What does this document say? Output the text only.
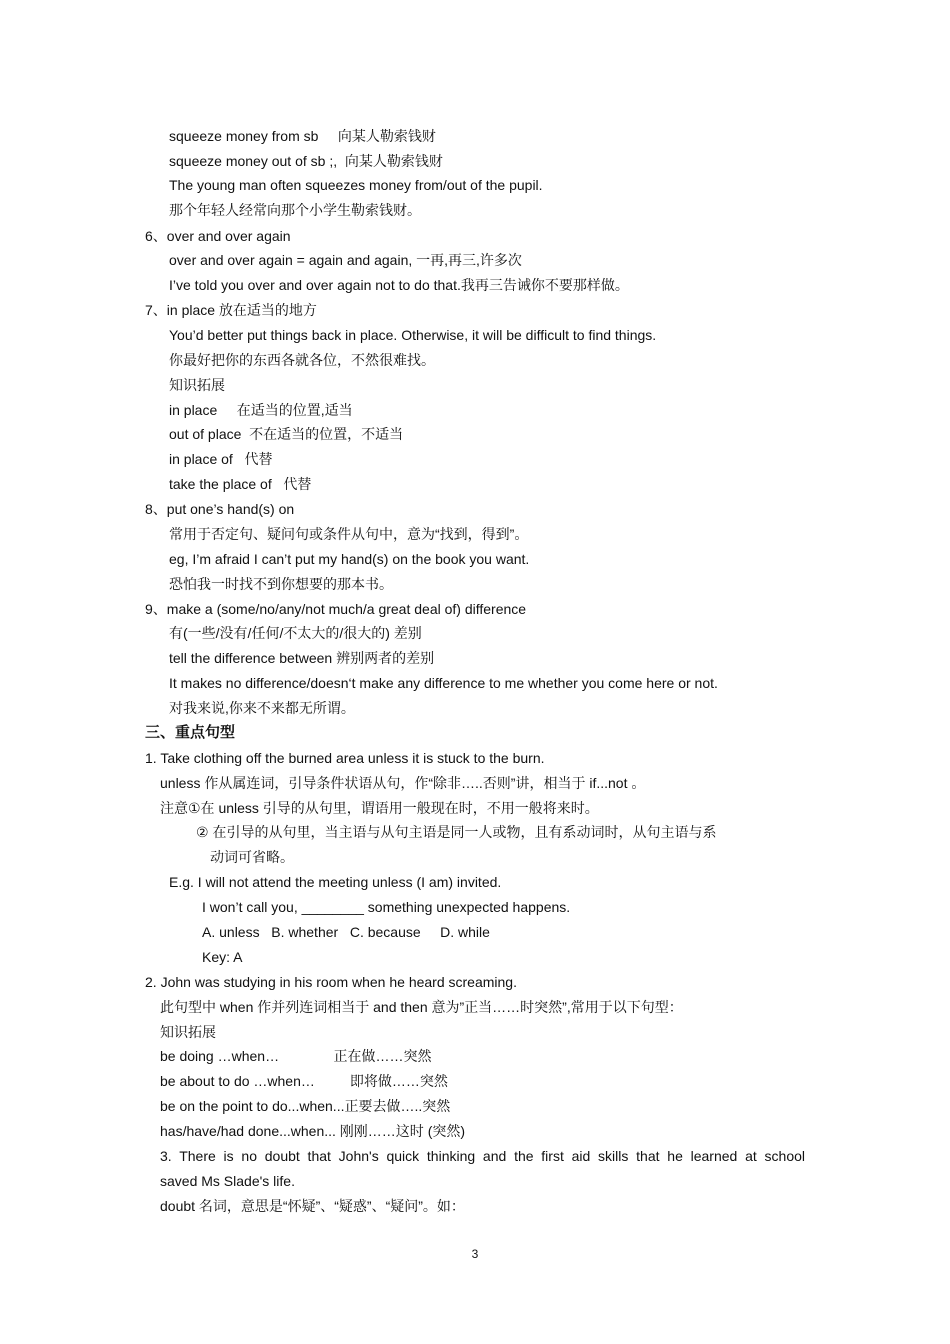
squeeze money from sb     向某人勒索钱财
squeeze money out of sb ;,  向某人勒索钱财
The young man often squeezes money from/out of the pupil.
那个年轻人经常向那个小学生勒索钱财。
6、over and over again
over and over again = again and again, 一再,再三,许多次
I’ve told you over and over again not to do that.我再三告诫你不要那样做。
7、in place 放在适当的地方
You’d better put things back in place. Otherwise, it will be difficult to find things.
你最好把你的东西各就各位，不然很难找。
知识拓展
in place     在适当的位置,适当
out of place  不在适当的位置，不适当
in place of   代替
take the place of   代替
8、put one’s hand(s) on
常用于否定句、疑问句或条件从句中，意为“找到，得到”。
eg, I’m afraid I can’t put my hand(s) on the book you want.
恐怕我一时找不到你想要的那本书。
9、make a (some/no/any/not much/a great deal of) difference
有(一些/没有/任何/不太大的/很大的) 差别
tell the difference between 辨别两者的差别
It makes no difference/doesn‘t make any difference to me whether you come here or not.
对我来说,你来不来都无所谓。
三、重点句型
1. Take clothing off the burned area unless it is stuck to the burn.
unless 作从属连词，引导条件状语从句，作“除非…..否则”讲，相当于 if...not 。
注意①在 unless 引导的从句里，谓语用一般现在时，不用一般将来时。
② 在引导的从句里，当主语与从句主语是同一人或物，且有系动词时，从句主语与系
动词可省略。
E.g. I will not attend the meeting unless (I am) invited.
I won’t call you, ________ something unexpected happens.
A. unless   B. whether   C. because     D. while
Key: A
2. John was studying in his room when he heard screaming.
此句型中 when 作并列连词相当于 and then 意为”正当……时突然”,常用于以下句型：
知识拓展
be doing …when…              正在做……突然
be about to do …when…         即将做……突然
be on the point to do...when...正要去做…..突然
has/have/had done...when... 刚刚……这时 (突然)
3. There is no doubt that John's quick thinking and the first aid skills that he learned at school
saved Ms Slade's life.
doubt 名词，意思是“怀疑”、“疑惑”、“疑问”。如：
3
